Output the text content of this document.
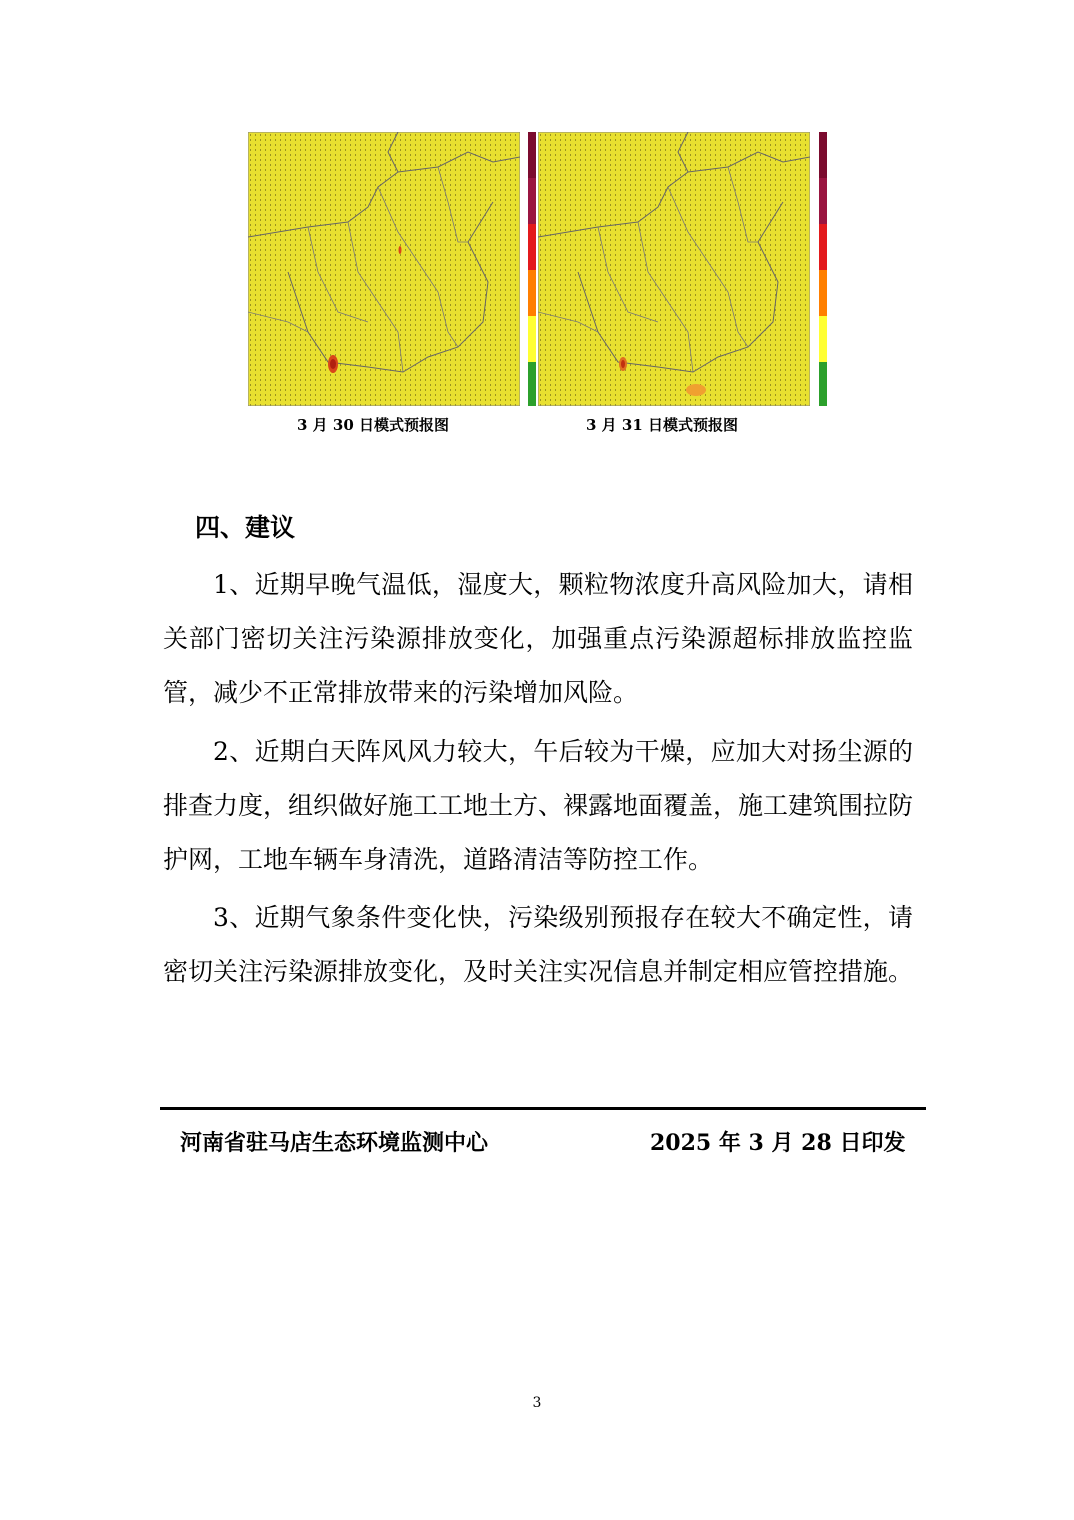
3 月 30 日模式预报图	3 月 31 日模式预报图
四、建议

1、近期早晚气温低，湿度大，颗粒物浓度升高风险加大，请相关部门密切关注污染源排放变化，加强重点污染源超标排放监控监管，减少不正常排放带来的污染增加风险。

2、近期白天阵风风力较大，午后较为干燥，应加大对扬尘源的排查力度，组织做好施工工地土方、裸露地面覆盖，施工建筑围拉防护网，工地车辆车身清洗，道路清洁等防控工作。

3、近期气象条件变化快，污染级别预报存在较大不确定性，请密切关注污染源排放变化，及时关注实况信息并制定相应管控措施。

河南省驻马店生态环境监测中心	2025 年 3 月 28 日印发
3
